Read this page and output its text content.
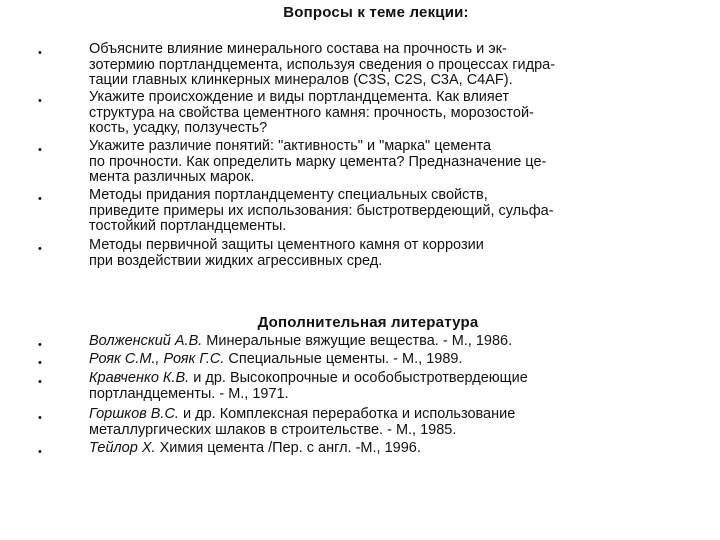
Вопросы к теме лекции:
•	Объясните влияние минерального состава на прочность и эк-
зотермию портландцемента, используя сведения о процессах гидра-
тации главных клинкерных минералов (C3S, C2S, C3A, C4AF).
•	Укажите происхождение и виды портландцемента. Как влияет
структура на свойства цементного камня: прочность, морозостой-
кость, усадку, ползучесть?
•	Укажите различие понятий: "активность" и "марка" цемента
по прочности. Как определить марку цемента? Предназначение це-
мента различных марок.
•	Методы придания портландцементу специальных свойств,
приведите примеры их использования: быстротвердеющий, сульфа-
тостойкий портландцементы.
•	Методы первичной защиты цементного камня от коррозии
при воздействии жидких агрессивных сред.
Дополнительная литература
•	Волженский А.В. Минеральные вяжущие вещества. - М., 1986.
•	Рояк С.М., Рояк Г.С. Специальные цементы. - М., 1989.
•	Кравченко К.В. и др. Высокопрочные и особобыстротвердеющие
портландцементы. - М., 1971.
•	Горшков В.С. и др. Комплексная переработка и использование
металлургических шлаков в строительстве. - М., 1985.
•	Тейлор Х. Химия цемента /Пер. с англ. -М., 1996.
